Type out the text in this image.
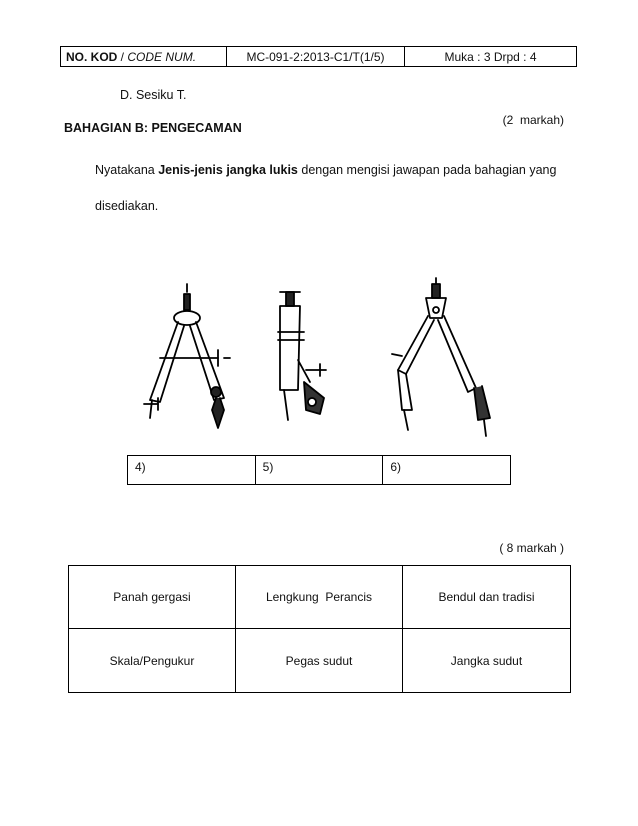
NO. KOD / CODE NUM.	MC-091-2:2013-C1/T(1/5)	Muka : 3 Drpd : 4
D. Sesiku T.
(2  markah)
BAHAGIAN B: PENGECAMAN
Nyatakana Jenis-jenis jangka lukis dengan mengisi jawapan pada bahagian yang
disediakan.
4)	5)	6)
( 8 markah )
Panah gergasi	Lengkung  Perancis	Bendul dan tradisi
Skala/Pengukur	Pegas sudut	Jangka sudut
